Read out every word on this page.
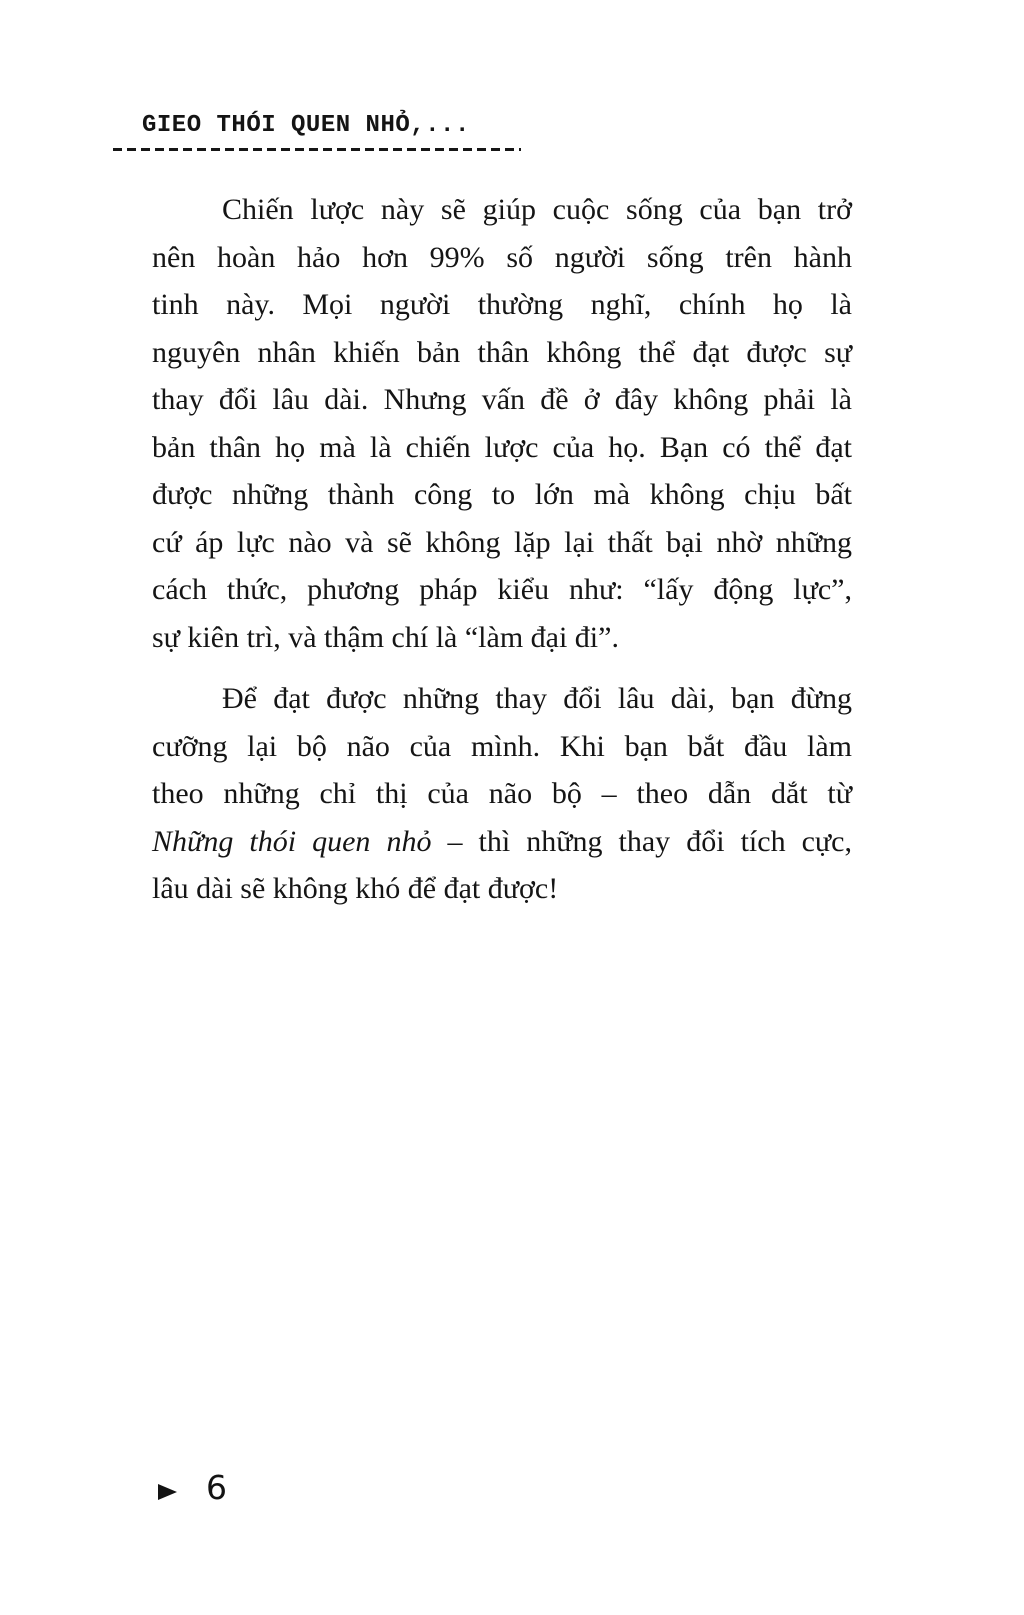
GIEO THÓI QUEN NHỎ,...
Chiến lược này sẽ giúp cuộc sống của bạn trở
nên hoàn hảo hơn 99% số người sống trên hành
tinh này. Mọi người thường nghĩ, chính họ là
nguyên nhân khiến bản thân không thể đạt được sự
thay đổi lâu dài. Nhưng vấn đề ở đây không phải là
bản thân họ mà là chiến lược của họ. Bạn có thể đạt
được những thành công to lớn mà không chịu bất
cứ áp lực nào và sẽ không lặp lại thất bại nhờ những
cách thức, phương pháp kiểu như: “lấy động lực”,
sự kiên trì, và thậm chí là “làm đại đi”.
Để đạt được những thay đổi lâu dài, bạn đừng
cưỡng lại bộ não của mình. Khi bạn bắt đầu làm
theo những chỉ thị của não bộ – theo dẫn dắt từ
Những thói quen nhỏ – thì những thay đổi tích cực,
lâu dài sẽ không khó để đạt được!
6
